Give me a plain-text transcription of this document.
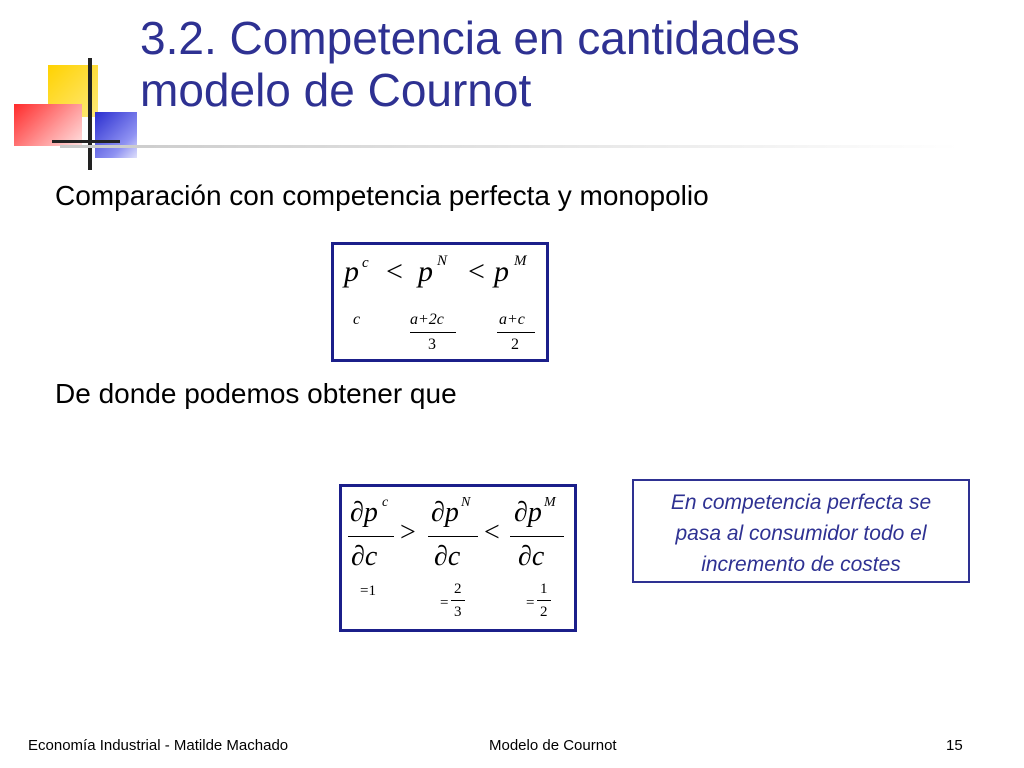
3.2. Competencia en cantidades
modelo de Cournot
Comparación con competencia perfecta y monopolio
p c < p N < p M
c	a+2c
3
a+c
2
De donde podemos obtener que
∂p c
∂c
>
∂p N
∂c
<
∂p M
∂c
=1
=
2
3
=
1
2
En competencia perfecta se
pasa al consumidor todo el
incremento de costes
Economía Industrial - Matilde Machado	Modelo de Cournot	15
